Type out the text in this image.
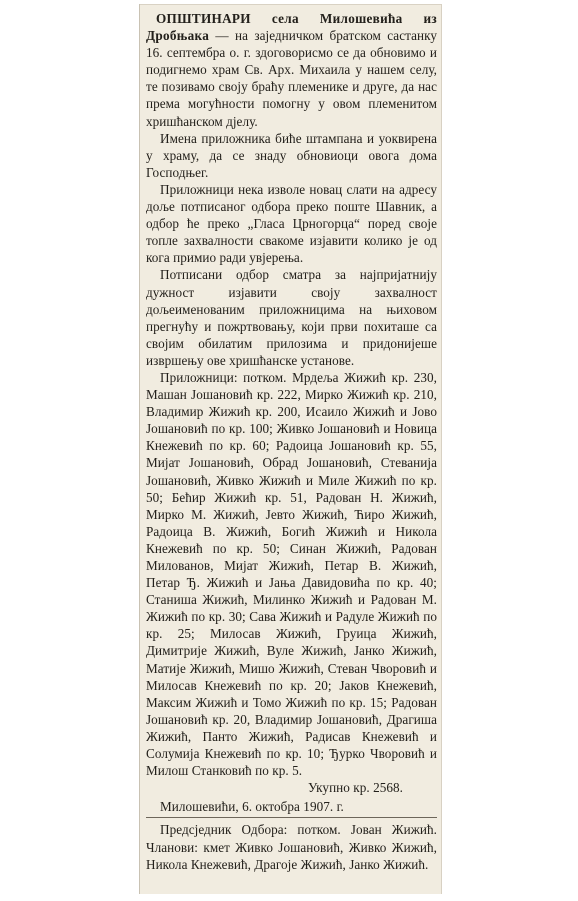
ОПШТИНАРИ села Милошевића из Дробњака — на заједничком братском састанку 16. септембра о. г. здоговорисмо се да обновимо и подигнемо храм Св. Арх. Михаила у нашем селу, те позивамо своју браћу племенике и друге, да нас према могућности помогну у овом племенитом хришћанском дјелу.

Имена приложника биће штампана и уоквирена у храму, да се знаду обновиоци овога дома Господњег.

Приложници нека изволе новац слати на адресу доље потписаног одбора преко поште Шавник, а одбор ће преко „Гласа Црногорца“ поред своје топле захвалности свакоме изјавити колико је од кога примио ради увјерења.

Потписани одбор сматра за најпријатнију дужност изјавити своју захвалност дољеименованим приложницима на њиховом прегнућу и пожртвовању, који први похиташе са својим обилатим прилозима и придонијеше извршењу ове хришћанске установе.

Приложници: потком. Мрдеља Жижић кр. 230, Машан Јошановић кр. 222, Мирко Жижић кр. 210, Владимир Жижић кр. 200, Исаило Жижић и Јово Јошановић по кр. 100; Живко Јошановић и Новица Кнежевић по кр. 60; Радоица Јошановић кр. 55, Мијат Јошановић, Обрад Јошановић, Стеванија Јошановић, Живко Жижић и Миле Жижић по кр. 50; Бећир Жижић кр. 51, Радован Н. Жижић, Мирко М. Жижић, Јевто Жижић, Ћиро Жижић, Радоица В. Жижић, Богић Жижић и Никола Кнежевић по кр. 50; Синан Жижић, Радован Милованов, Мијат Жижић, Петар В. Жижић, Петар Ђ. Жижић и Јања Давидовића по кр. 40; Станиша Жижић, Милинко Жижић и Радован М. Жижић по кр. 30; Сава Жижић и Радуле Жижић по кр. 25; Милосав Жижић, Груица Жижић, Димитрије Жижић, Вуле Жижић, Јанко Жижић, Матије Жижић, Мишо Жижић, Стеван Чворовић и Милосав Кнежевић по кр. 20; Јаков Кнежевић, Максим Жижић и Томо Жижић по кр. 15; Радован Јошановић кр. 20, Владимир Јошановић, Драгиша Жижић, Панто Жижић, Радисав Кнежевић и Солумија Кнежевић по кр. 10; Ђурко Чворовић и Милош Станковић по кр. 5.

Укупно кр. 2568.

Милошевићи, 6. октобра 1907. г.

Предсједник Одбора: потком. Јован Жижић. Чланови: кмет Живко Јошановић, Живко Жижић, Никола Кнежевић, Драгоје Жижић, Јанко Жижић.
